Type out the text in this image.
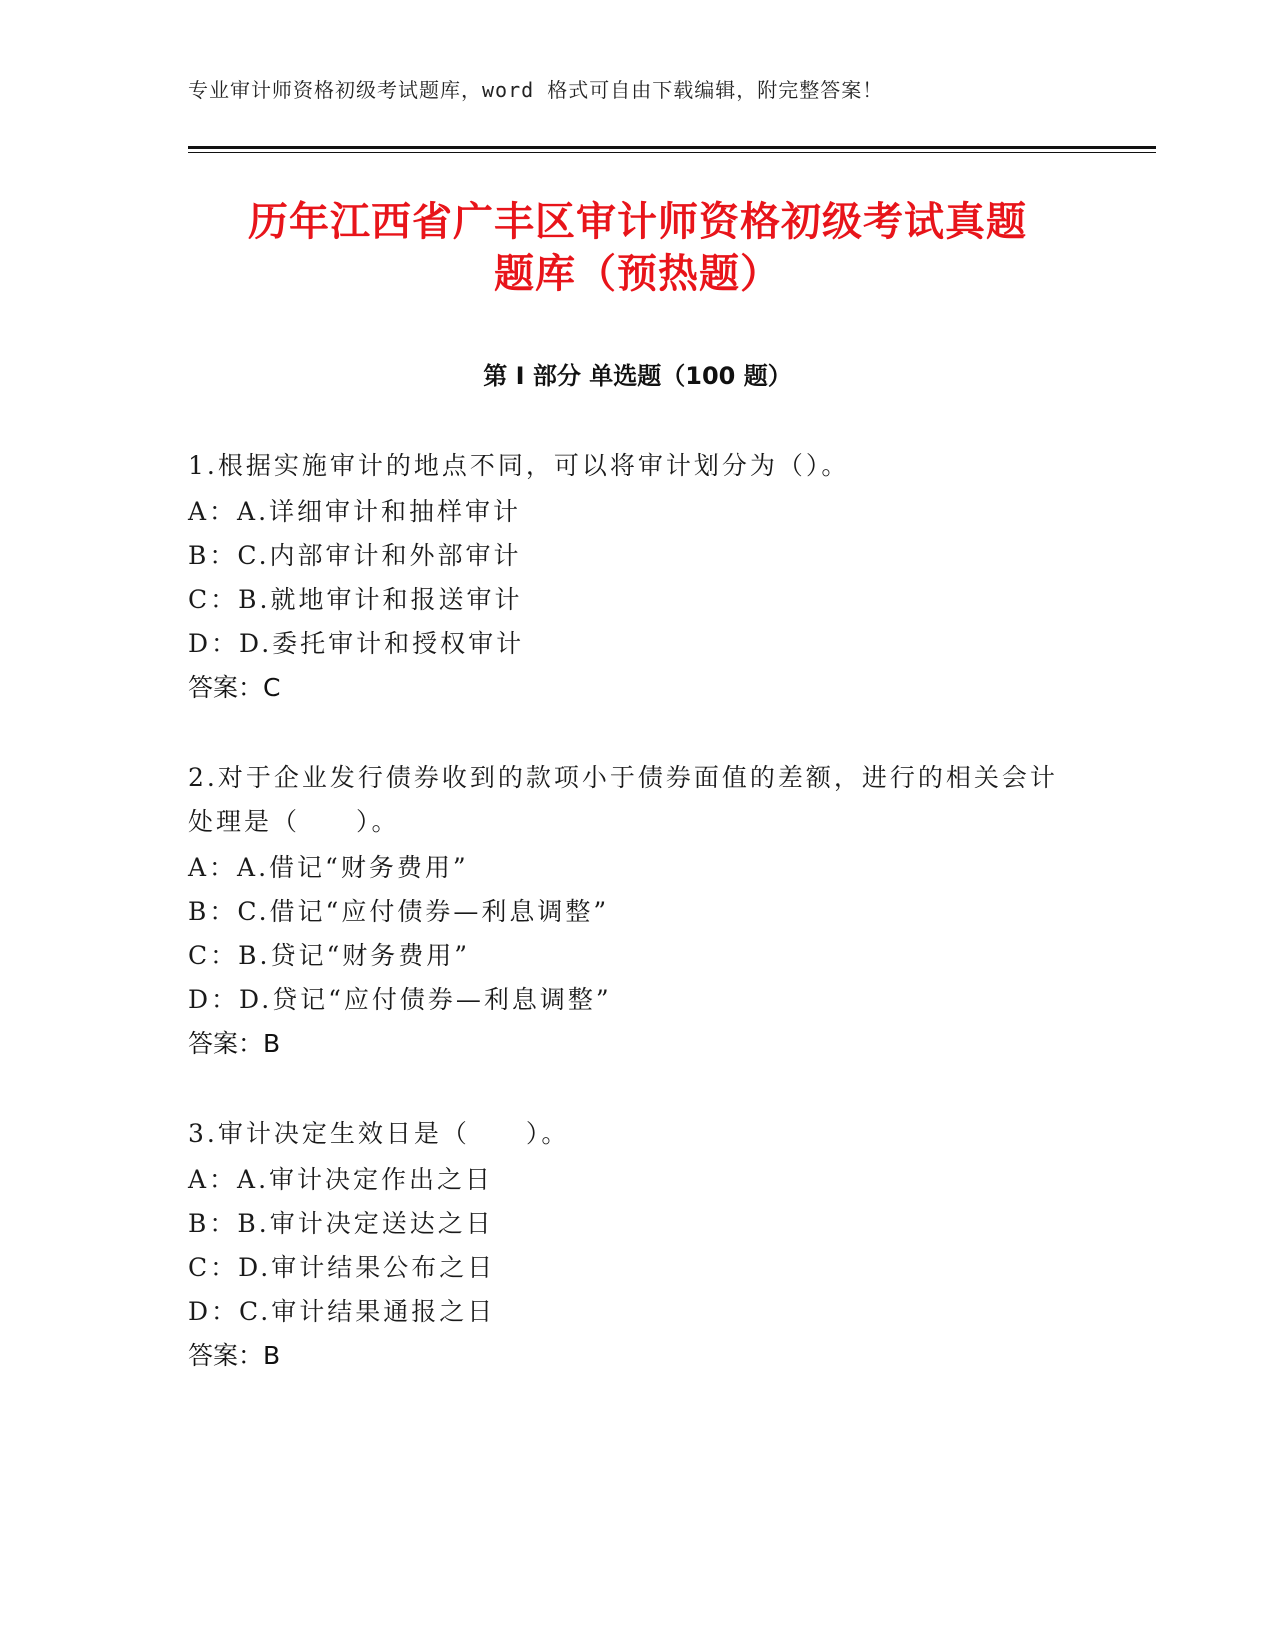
专业审计师资格初级考试题库，word 格式可自由下载编辑，附完整答案！
历年江西省广丰区审计师资格初级考试真题
题库（预热题）
第 I 部分 单选题（100 题）
1.根据实施审计的地点不同，可以将审计划分为（）。
A：A.详细审计和抽样审计
B：C.内部审计和外部审计
C：B.就地审计和报送审计
D：D.委托审计和授权审计
答案：C
2.对于企业发行债券收到的款项小于债券面值的差额，进行的相关会计处理是（　　）。
A：A.借记“财务费用”
B：C.借记“应付债券—利息调整”
C：B.贷记“财务费用”
D：D.贷记“应付债券—利息调整”
答案：B
3.审计决定生效日是（　　）。
A：A.审计决定作出之日
B：B.审计决定送达之日
C：D.审计结果公布之日
D：C.审计结果通报之日
答案：B
